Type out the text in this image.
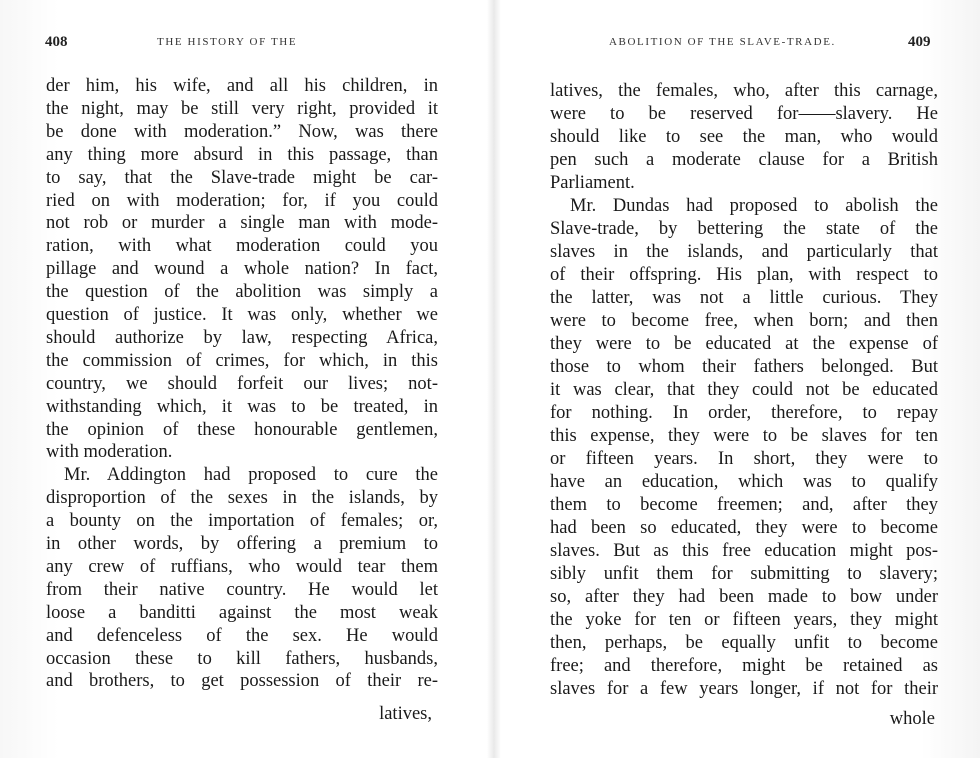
408	THE HISTORY OF THE

der him, his wife, and all his children, in

the night, may be still very right, provided it

be done with moderation.” Now, was there

any thing more absurd in this passage, than

to say, that the Slave-trade might be car-

ried on with moderation; for, if you could

not rob or murder a single man with mode-

ration, with what moderation could you

pillage and wound a whole nation? In fact,

the question of the abolition was simply a

question of justice. It was only, whether we

should authorize by law, respecting Africa,

the commission of crimes, for which, in this

country, we should forfeit our lives; not-

withstanding which, it was to be treated, in

the opinion of these honourable gentlemen,

with moderation.

Mr. Addington had proposed to cure the

disproportion of the sexes in the islands, by

a bounty on the importation of females; or,

in other words, by offering a premium to

any crew of ruffians, who would tear them

from their native country. He would let

loose a banditti against the most weak

and defenceless of the sex. He would

occasion these to kill fathers, husbands,

and brothers, to get possession of their re-

latives,
ABOLITION OF THE SLAVE-TRADE.	409

latives, the females, who, after this carnage,

were to be reserved for——slavery. He

should like to see the man, who would

pen such a moderate clause for a British

Parliament.

Mr. Dundas had proposed to abolish the

Slave-trade, by bettering the state of the

slaves in the islands, and particularly that

of their offspring. His plan, with respect to

the latter, was not a little curious. They

were to become free, when born; and then

they were to be educated at the expense of

those to whom their fathers belonged. But

it was clear, that they could not be educated

for nothing. In order, therefore, to repay

this expense, they were to be slaves for ten

or fifteen years. In short, they were to

have an education, which was to qualify

them to become freemen; and, after they

had been so educated, they were to become

slaves. But as this free education might pos-

sibly unfit them for submitting to slavery;

so, after they had been made to bow under

the yoke for ten or fifteen years, they might

then, perhaps, be equally unfit to become

free; and therefore, might be retained as

slaves for a few years longer, if not for their

whole
